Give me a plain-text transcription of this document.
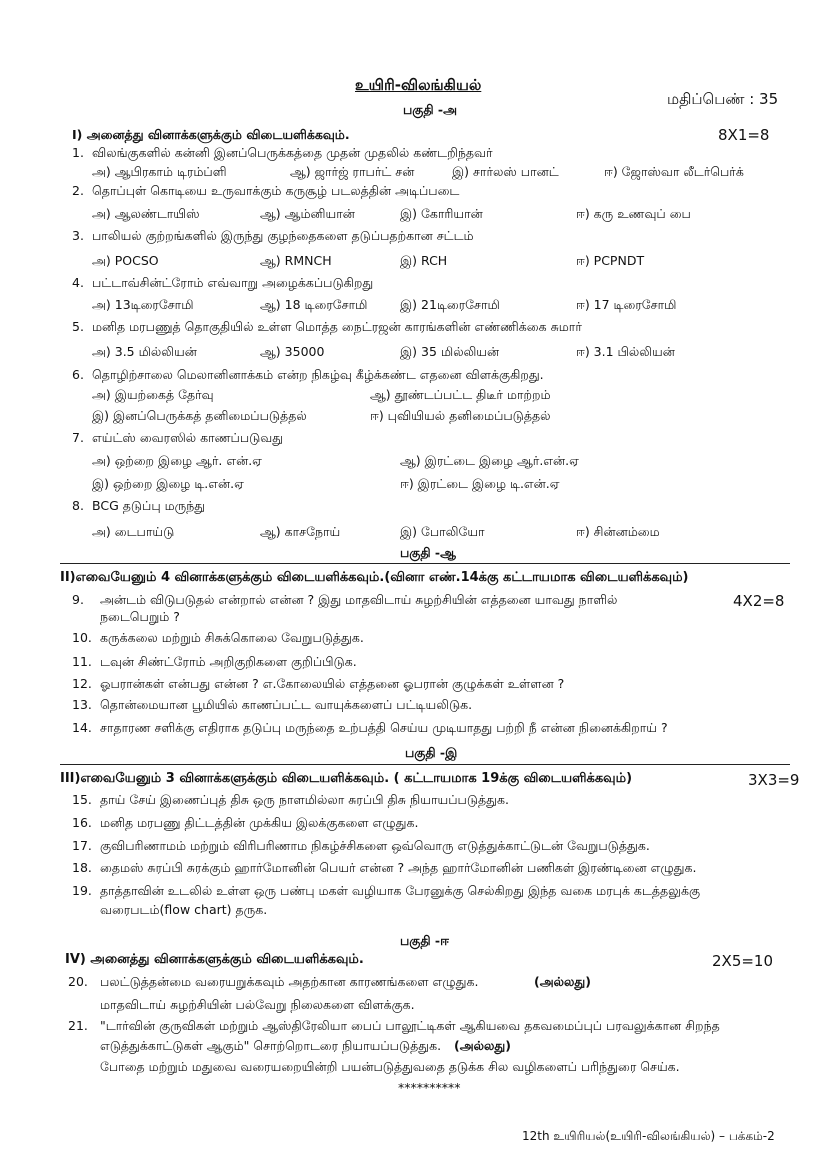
உயிரி-விலங்கியல்
மதிப்பெண் : 35
பகுதி -அ
I) அனைத்து வினாக்களுக்கும் விடையளிக்கவும்.	8X1=8
1. விலங்குகளில் கன்னி இனப்பெருக்கத்தை முதன் முதலில் கண்டறிந்தவர்
அ) ஆபிரகாம் டிரம்ப்ளி	ஆ) ஜார்ஜ் ராபர்ட் சன்	இ) சார்லஸ் பானட்	ஈ) ஜோஸ்வா லீடர்பெர்க்
2. தொப்புள் கொடியை உருவாக்கும் கருசூழ் படலத்தின் அடிப்படை
அ) ஆலண்டாயிஸ்	ஆ) ஆம்னியான்	இ) கோரியான்	ஈ) கரு உணவுப் பை
3. பாலியல் குற்றங்களில் இருந்து குழந்தைகளை தடுப்பதற்கான சட்டம்
அ) POCSO	ஆ) RMNCH	இ) RCH	ஈ) PCPNDT
4. பட்டாவ்சின்ட்ரோம் எவ்வாறு அழைக்கப்படுகிறது
அ) 13டிரைசோமி	ஆ) 18 டிரைசோமி	இ) 21டிரைசோமி	ஈ) 17 டிரைசோமி
5. மனித மரபணுத் தொகுதியில் உள்ள மொத்த நைட்ரஜன் காரங்களின் எண்ணிக்கை சுமார்
அ) 3.5 மில்லியன்	ஆ) 35000	இ) 35 மில்லியன்	ஈ) 3.1 பில்லியன்
6. தொழிற்சாலை மெலானினாக்கம் என்ற நிகழ்வு கீழ்க்கண்ட எதனை விளக்குகிறது.
அ) இயற்கைத் தேர்வு	ஆ) தூண்டப்பட்ட திடீர் மாற்றம்
இ) இனப்பெருக்கத் தனிமைப்படுத்தல்	ஈ) புவியியல் தனிமைப்படுத்தல்
7. எய்ட்ஸ் வைரஸில் காணப்படுவது
அ) ஒற்றை இழை ஆர். என்.ஏ	ஆ) இரட்டை இழை ஆர்.என்.ஏ
இ) ஒற்றை இழை டி.என்.ஏ	ஈ) இரட்டை இழை டி.என்.ஏ
8. BCG தடுப்பு மருந்து
அ) டைபாய்டு	ஆ) காசநோய்	இ) போலியோ	ஈ) சின்னம்மை
பகுதி -ஆ
II)எவையேனும் 4 வினாக்களுக்கும் விடையளிக்கவும்.(வினா எண்.14க்கு கட்டாயமாக விடையளிக்கவும்)
9. அன்டம் விடுபடுதல் என்றால் என்ன ? இது மாதவிடாய் சுழற்சியின் எத்தனை யாவது நாளில்	4X2=8
நடைபெறும் ?
10. கருக்கலை மற்றும் சிசுக்கொலை வேறுபடுத்துக.
11. டவுன் சிண்ட்ரோம் அறிகுறிகளை குறிப்பிடுக.
12. ஓபரான்கள் என்பது என்ன ? எ.கோலையில் எத்தனை ஓபரான் குழுக்கள் உள்ளன ?
13. தொன்மையான பூமியில் காணப்பட்ட வாயுக்களைப் பட்டியலிடுக.
14. சாதாரண சளிக்கு எதிராக தடுப்பு மருந்தை உற்பத்தி செய்ய முடியாதது பற்றி நீ என்ன நினைக்கிறாய் ?
பகுதி -இ
III)எவையேனும் 3 வினாக்களுக்கும் விடையளிக்கவும். ( கட்டாயமாக 19க்கு விடையளிக்கவும்)	3X3=9
15. தாய் சேய் இணைப்புத் திசு ஒரு நாளமில்லா சுரப்பி திசு நியாயப்படுத்துக.
16. மனித மரபணு திட்டத்தின் முக்கிய இலக்குகளை எழுதுக.
17. குவிபரிணாமம் மற்றும் விரிபரிணாம நிகழ்ச்சிகளை ஒவ்வொரு எடுத்துக்காட்டுடன் வேறுபடுத்துக.
18. தைமஸ் சுரப்பி சுரக்கும் ஹார்மோனின் பெயர் என்ன ? அந்த ஹார்மோனின் பணிகள் இரண்டினை எழுதுக.
19. தாத்தாவின் உடலில் உள்ள ஒரு பண்பு மகள் வழியாக பேரனுக்கு செல்கிறது இந்த வகை மரபுக் கடத்தலுக்கு
வரைபடம்(flow chart) தருக.
பகுதி -ஈ
IV) அனைத்து வினாக்களுக்கும் விடையளிக்கவும்.	2X5=10
20. பலட்டுத்தன்மை வரையறுக்கவும் அதற்கான காரணங்களை எழுதுக.	(அல்லது)
மாதவிடாய் சுழற்சியின் பல்வேறு நிலைகளை விளக்குக.
21. "டார்வின் குருவிகள் மற்றும் ஆஸ்திரேலியா பைப் பாலூட்டிகள் ஆகியவை தகவமைப்புப் பரவலுக்கான சிறந்த
எடுத்துக்காட்டுகள் ஆகும்" சொற்றொடரை நியாயப்படுத்துக. (அல்லது)
போதை மற்றும் மதுவை வரையறையின்றி பயன்படுத்துவதை தடுக்க சில வழிகளைப் பரிந்துரை செய்க.
**********
12th உயிரியல்(உயிரி-விலங்கியல்) – பக்கம்-2
